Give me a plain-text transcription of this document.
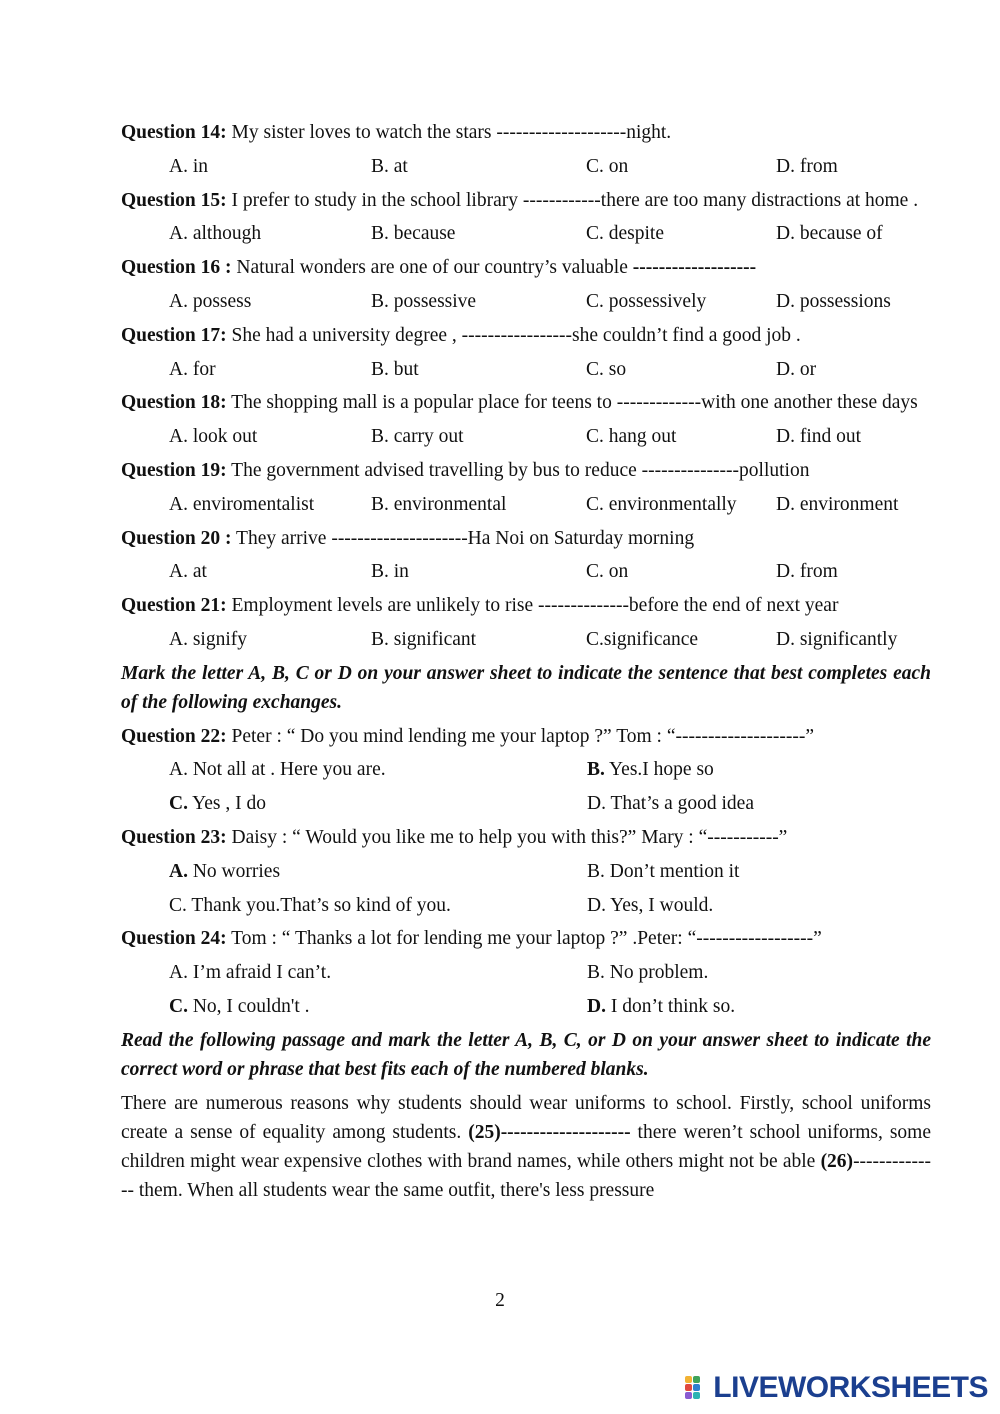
Question 14: My sister loves to watch the stars --------------------night.

A. in	B. at	C. on	D. from

Question 15: I prefer to study in the school library ------------there are too many distractions at home .

A. although	B. because	C. despite	D. because of

Question 16 : Natural wonders are one of our country’s valuable -------------------

A. possess	B. possessive	C. possessively	D. possessions

Question 17: She had a university degree , -----------------she couldn’t find a good job .

A. for	B. but	C. so	D. or

Question 18: The shopping mall is a popular place for teens to -------------with one another these days

A. look out	B. carry out	C. hang out	D. find out

Question 19: The government advised travelling by bus to reduce ---------------pollution

A. enviromentalist	B. environmental	C. environmentally	D. environment

Question 20 : They arrive ---------------------Ha Noi on Saturday morning

A. at	B. in	C. on	D. from

Question 21: Employment levels are unlikely to rise --------------before the end of next year

A. signify	B. significant	C.significance	D. significantly

Mark the letter A, B, C or D on your answer sheet to indicate the sentence that best completes each of the following exchanges.

Question 22: Peter : “ Do you mind lending me your laptop ?” Tom : “--------------------”

A. Not all at . Here you are.	B. Yes.I hope so
C. Yes , I do	D. That’s a good idea

Question 23: Daisy : “ Would you like me to help you with this?” Mary : “-----------”

A. No worries	B. Don’t mention it
C. Thank you.That’s so kind of you.	D. Yes, I would.

Question 24: Tom : “ Thanks a lot for lending me your laptop ?” .Peter: “------------------”

A. I’m afraid I can’t.	B. No problem.
C. No, I couldn't .	D. I don’t think so.

Read the following passage and mark the letter A, B, C, or D on your answer sheet to indicate the correct word or phrase that best fits each of the numbered blanks.

There are numerous reasons why students should wear uniforms to school. Firstly, school uniforms create a sense of equality among students. (25)-------------------- there weren’t school uniforms, some children might wear expensive clothes with brand names, while others might not be able (26)-------------- them. When all students wear the same outfit, there's less pressure

2
LIVEWORKSHEETS
